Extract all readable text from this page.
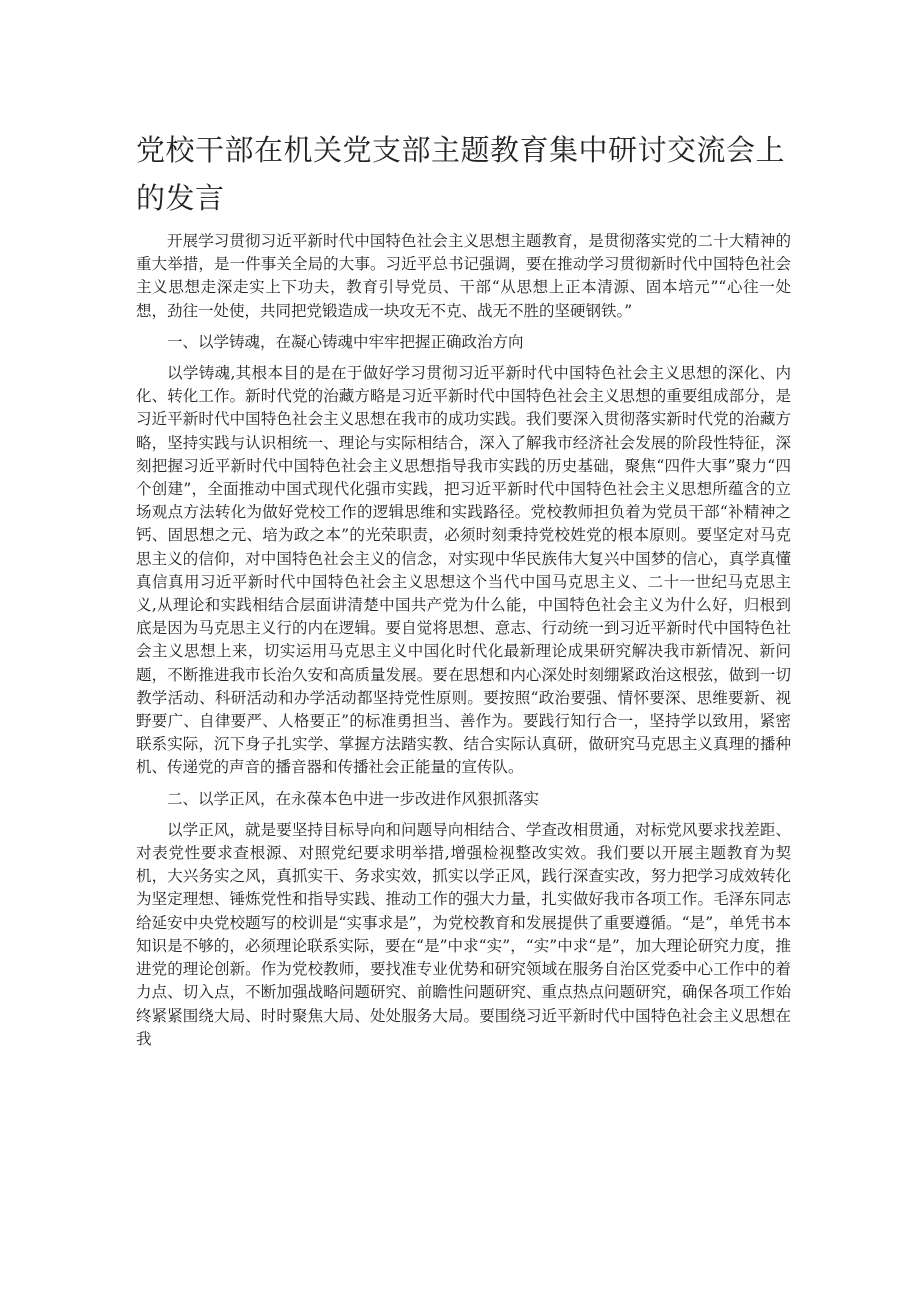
党校干部在机关党支部主题教育集中研讨交流会上的发言

开展学习贯彻习近平新时代中国特色社会主义思想主题教育，是贯彻落实党的二十大精神的重大举措，是一件事关全局的大事。习近平总书记强调，要在推动学习贯彻新时代中国特色社会主义思想走深走实上下功夫，教育引导党员、干部“从思想上正本清源、固本培元”“心往一处想，劲往一处使，共同把党锻造成一块攻无不克、战无不胜的坚硬钢铁。”

一、以学铸魂，在凝心铸魂中牢牢把握正确政治方向

以学铸魂,其根本目的是在于做好学习贯彻习近平新时代中国特色社会主义思想的深化、内化、转化工作。新时代党的治藏方略是习近平新时代中国特色社会主义思想的重要组成部分，是习近平新时代中国特色社会主义思想在我市的成功实践。我们要深入贯彻落实新时代党的治藏方略，坚持实践与认识相统一、理论与实际相结合，深入了解我市经济社会发展的阶段性特征，深刻把握习近平新时代中国特色社会主义思想指导我市实践的历史基础，聚焦“四件大事”聚力“四个创建”，全面推动中国式现代化强市实践，把习近平新时代中国特色社会主义思想所蕴含的立场观点方法转化为做好党校工作的逻辑思维和实践路径。党校教师担负着为党员干部“补精神之钙、固思想之元、培为政之本”的光荣职责，必须时刻秉持党校姓党的根本原则。要坚定对马克思主义的信仰，对中国特色社会主义的信念，对实现中华民族伟大复兴中国梦的信心，真学真懂真信真用习近平新时代中国特色社会主义思想这个当代中国马克思主义、二十一世纪马克思主义,从理论和实践相结合层面讲清楚中国共产党为什么能，中国特色社会主义为什么好，归根到底是因为马克思主义行的内在逻辑。要自觉将思想、意志、行动统一到习近平新时代中国特色社会主义思想上来，切实运用马克思主义中国化时代化最新理论成果研究解决我市新情况、新问题，不断推进我市长治久安和高质量发展。要在思想和内心深处时刻绷紧政治这根弦，做到一切教学活动、科研活动和办学活动都坚持党性原则。要按照“政治要强、情怀要深、思维要新、视野要广、自律要严、人格要正”的标准勇担当、善作为。要践行知行合一，坚持学以致用，紧密联系实际，沉下身子扎实学、掌握方法踏实教、结合实际认真研，做研究马克思主义真理的播种机、传递党的声音的播音器和传播社会正能量的宣传队。

二、以学正风，在永葆本色中进一步改进作风狠抓落实

以学正风，就是要坚持目标导向和问题导向相结合、学查改相贯通，对标党风要求找差距、对表党性要求查根源、对照党纪要求明举措,增强检视整改实效。我们要以开展主题教育为契机，大兴务实之风，真抓实干、务求实效，抓实以学正风，践行深查实改，努力把学习成效转化为坚定理想、锤炼党性和指导实践、推动工作的强大力量，扎实做好我市各项工作。毛泽东同志给延安中央党校题写的校训是“实事求是”，为党校教育和发展提供了重要遵循。“是”，单凭书本知识是不够的，必须理论联系实际，要在“是”中求“实”，“实”中求“是”，加大理论研究力度，推进党的理论创新。作为党校教师，要找准专业优势和研究领域在服务自治区党委中心工作中的着力点、切入点，不断加强战略问题研究、前瞻性问题研究、重点热点问题研究，确保各项工作始终紧紧围绕大局、时时聚焦大局、处处服务大局。要围绕习近平新时代中国特色社会主义思想在我
